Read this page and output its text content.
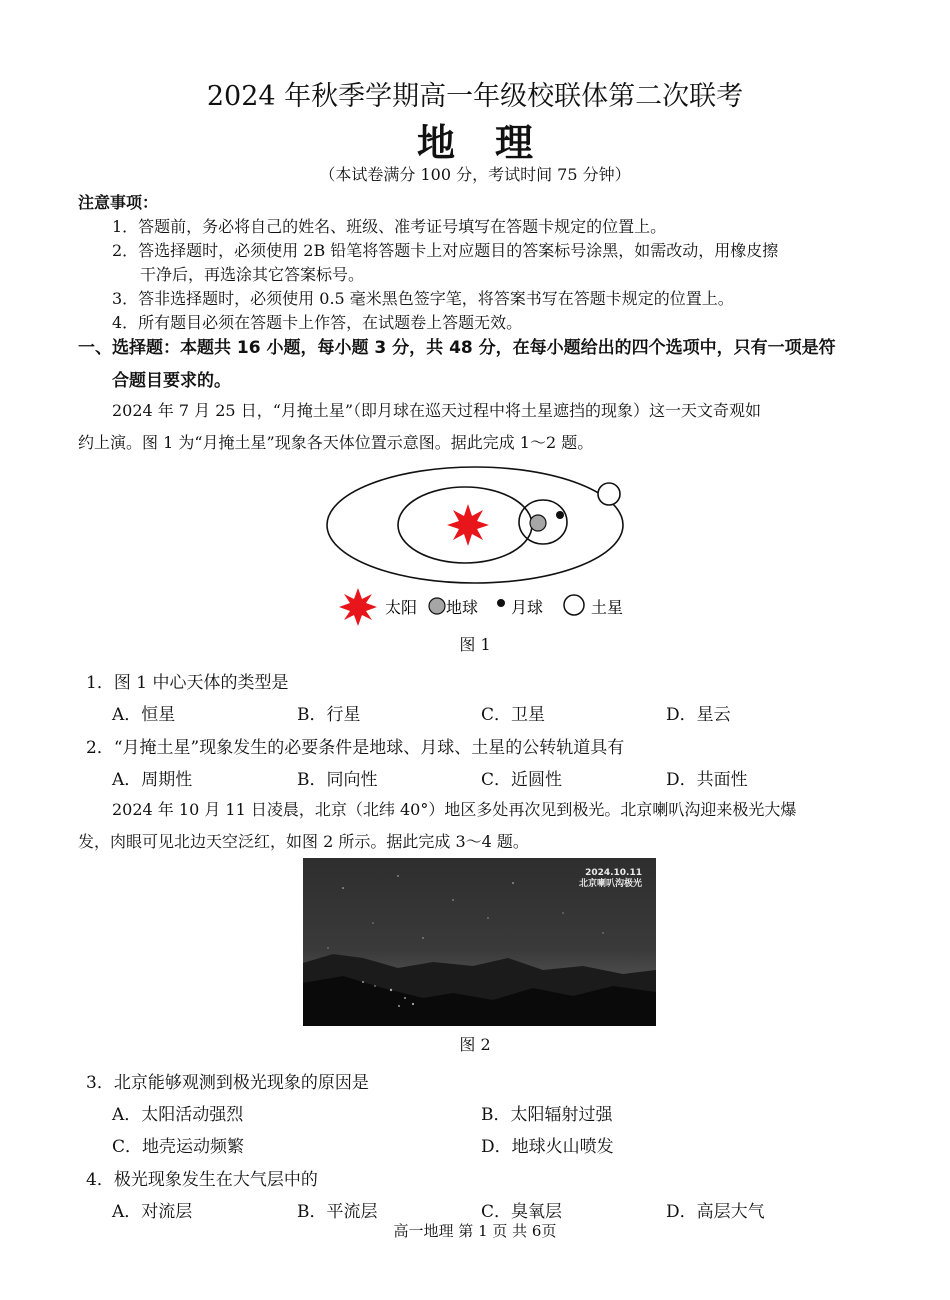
2024 年秋季学期高一年级校联体第二次联考
地理
（本试卷满分 100 分，考试时间 75 分钟）
注意事项：
1．答题前，务必将自己的姓名、班级、准考证号填写在答题卡规定的位置上。
2．答选择题时，必须使用 2B 铅笔将答题卡上对应题目的答案标号涂黑，如需改动，用橡皮擦
干净后，再选涂其它答案标号。
3．答非选择题时，必须使用 0.5 毫米黑色签字笔，将答案书写在答题卡规定的位置上。
4．所有题目必须在答题卡上作答，在试题卷上答题无效。
一、选择题：本题共 16 小题，每小题 3 分，共 48 分，在每小题给出的四个选项中，只有一项是符
合题目要求的。
2024 年 7 月 25 日，“月掩土星”（即月球在巡天过程中将土星遮挡的现象）这一天文奇观如
约上演。图 1 为“月掩土星”现象各天体位置示意图。据此完成 1～2 题。
太阳 地球 月球	土星
图 1
1．图 1 中心天体的类型是
A．恒星	B．行星	C．卫星	D．星云
2．“月掩土星”现象发生的必要条件是地球、月球、土星的公转轨道具有
A．周期性	B．同向性	C．近圆性	D．共面性
2024 年 10 月 11 日凌晨，北京（北纬 40°）地区多处再次见到极光。北京喇叭沟迎来极光大爆
发，肉眼可见北边天空泛红，如图 2 所示。据此完成 3～4 题。
2024.10.11
北京喇叭沟极光
图 2
3．北京能够观测到极光现象的原因是
A．太阳活动强烈	B．太阳辐射过强
C．地壳运动频繁	D．地球火山喷发
4．极光现象发生在大气层中的
A．对流层	B．平流层	C．臭氧层	D．高层大气
高一地理 第 1 页 共 6页
